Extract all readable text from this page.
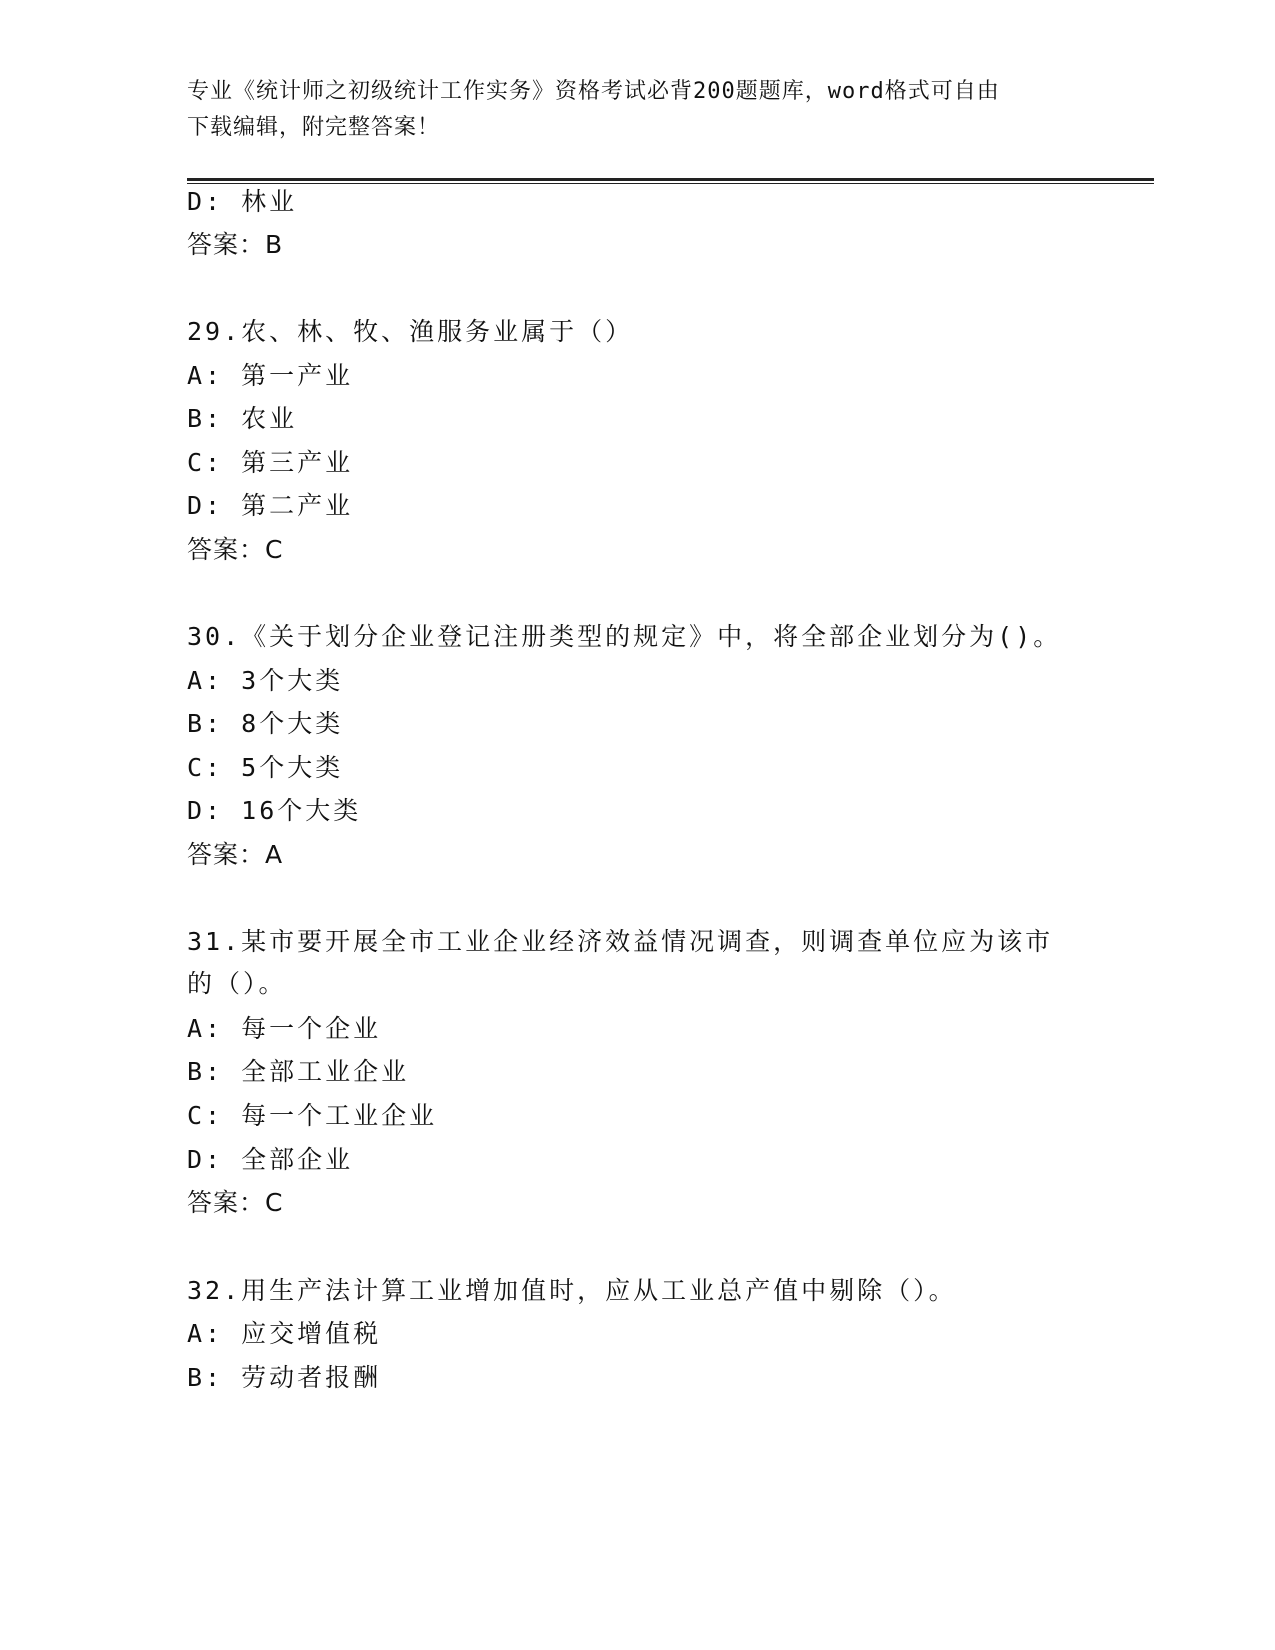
专业《统计师之初级统计工作实务》资格考试必背200题题库，word格式可自由
下载编辑，附完整答案！
D: 林业
答案：B
29.农、林、牧、渔服务业属于（）
A: 第一产业
B: 农业
C: 第三产业
D: 第二产业
答案：C
30.《关于划分企业登记注册类型的规定》中，将全部企业划分为()。
A: 3个大类
B: 8个大类
C: 5个大类
D: 16个大类
答案：A
31.某市要开展全市工业企业经济效益情况调查，则调查单位应为该市
的（）。
A: 每一个企业
B: 全部工业企业
C: 每一个工业企业
D: 全部企业
答案：C
32.用生产法计算工业增加值时，应从工业总产值中剔除（）。
A: 应交增值税
B: 劳动者报酬
